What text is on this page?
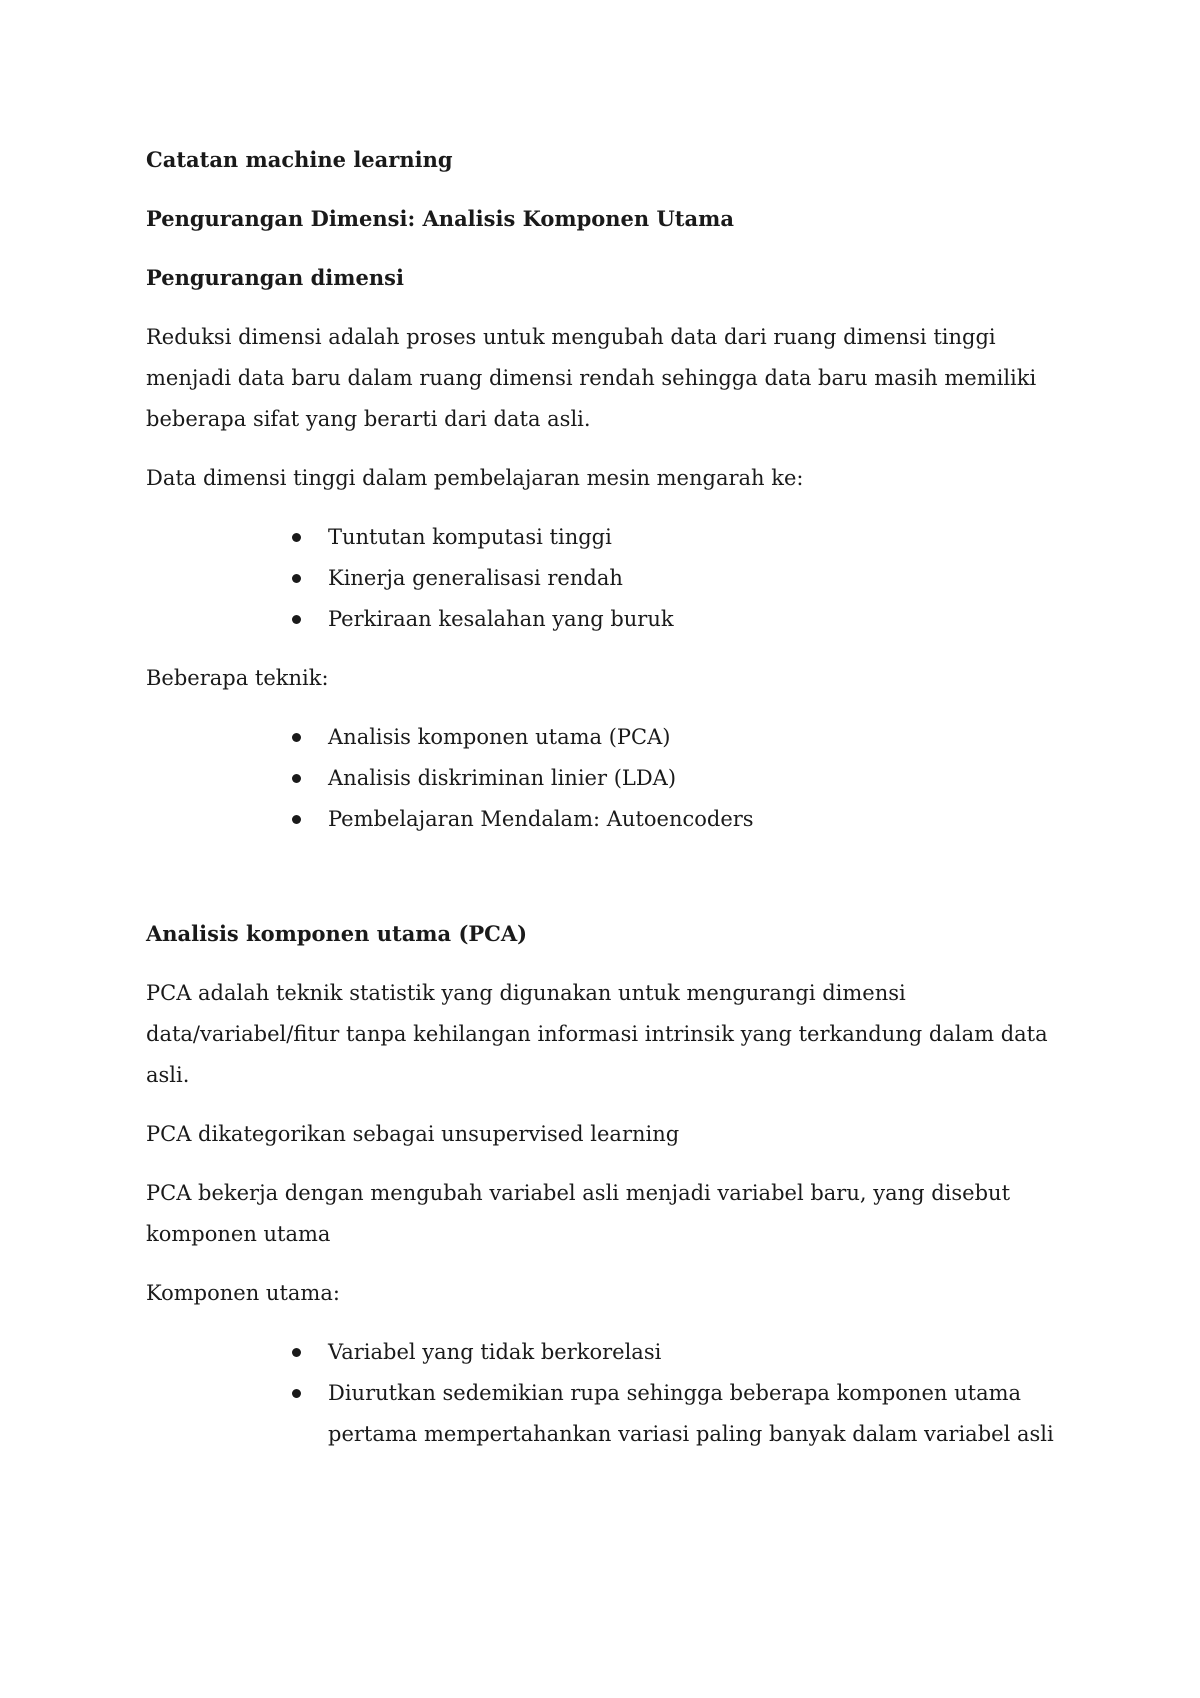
Catatan machine learning

Pengurangan Dimensi: Analisis Komponen Utama

Pengurangan dimensi

Reduksi dimensi adalah proses untuk mengubah data dari ruang dimensi tinggi menjadi data baru dalam ruang dimensi rendah sehingga data baru masih memiliki beberapa sifat yang berarti dari data asli.

Data dimensi tinggi dalam pembelajaran mesin mengarah ke:

Tuntutan komputasi tinggi
Kinerja generalisasi rendah
Perkiraan kesalahan yang buruk

Beberapa teknik:

Analisis komponen utama (PCA)
Analisis diskriminan linier (LDA)
Pembelajaran Mendalam: Autoencoders

Analisis komponen utama (PCA)

PCA adalah teknik statistik yang digunakan untuk mengurangi dimensi data/variabel/fitur tanpa kehilangan informasi intrinsik yang terkandung dalam data asli.

PCA dikategorikan sebagai unsupervised learning

PCA bekerja dengan mengubah variabel asli menjadi variabel baru, yang disebut komponen utama

Komponen utama:

Variabel yang tidak berkorelasi
Diurutkan sedemikian rupa sehingga beberapa komponen utama pertama mempertahankan variasi paling banyak dalam variabel asli
